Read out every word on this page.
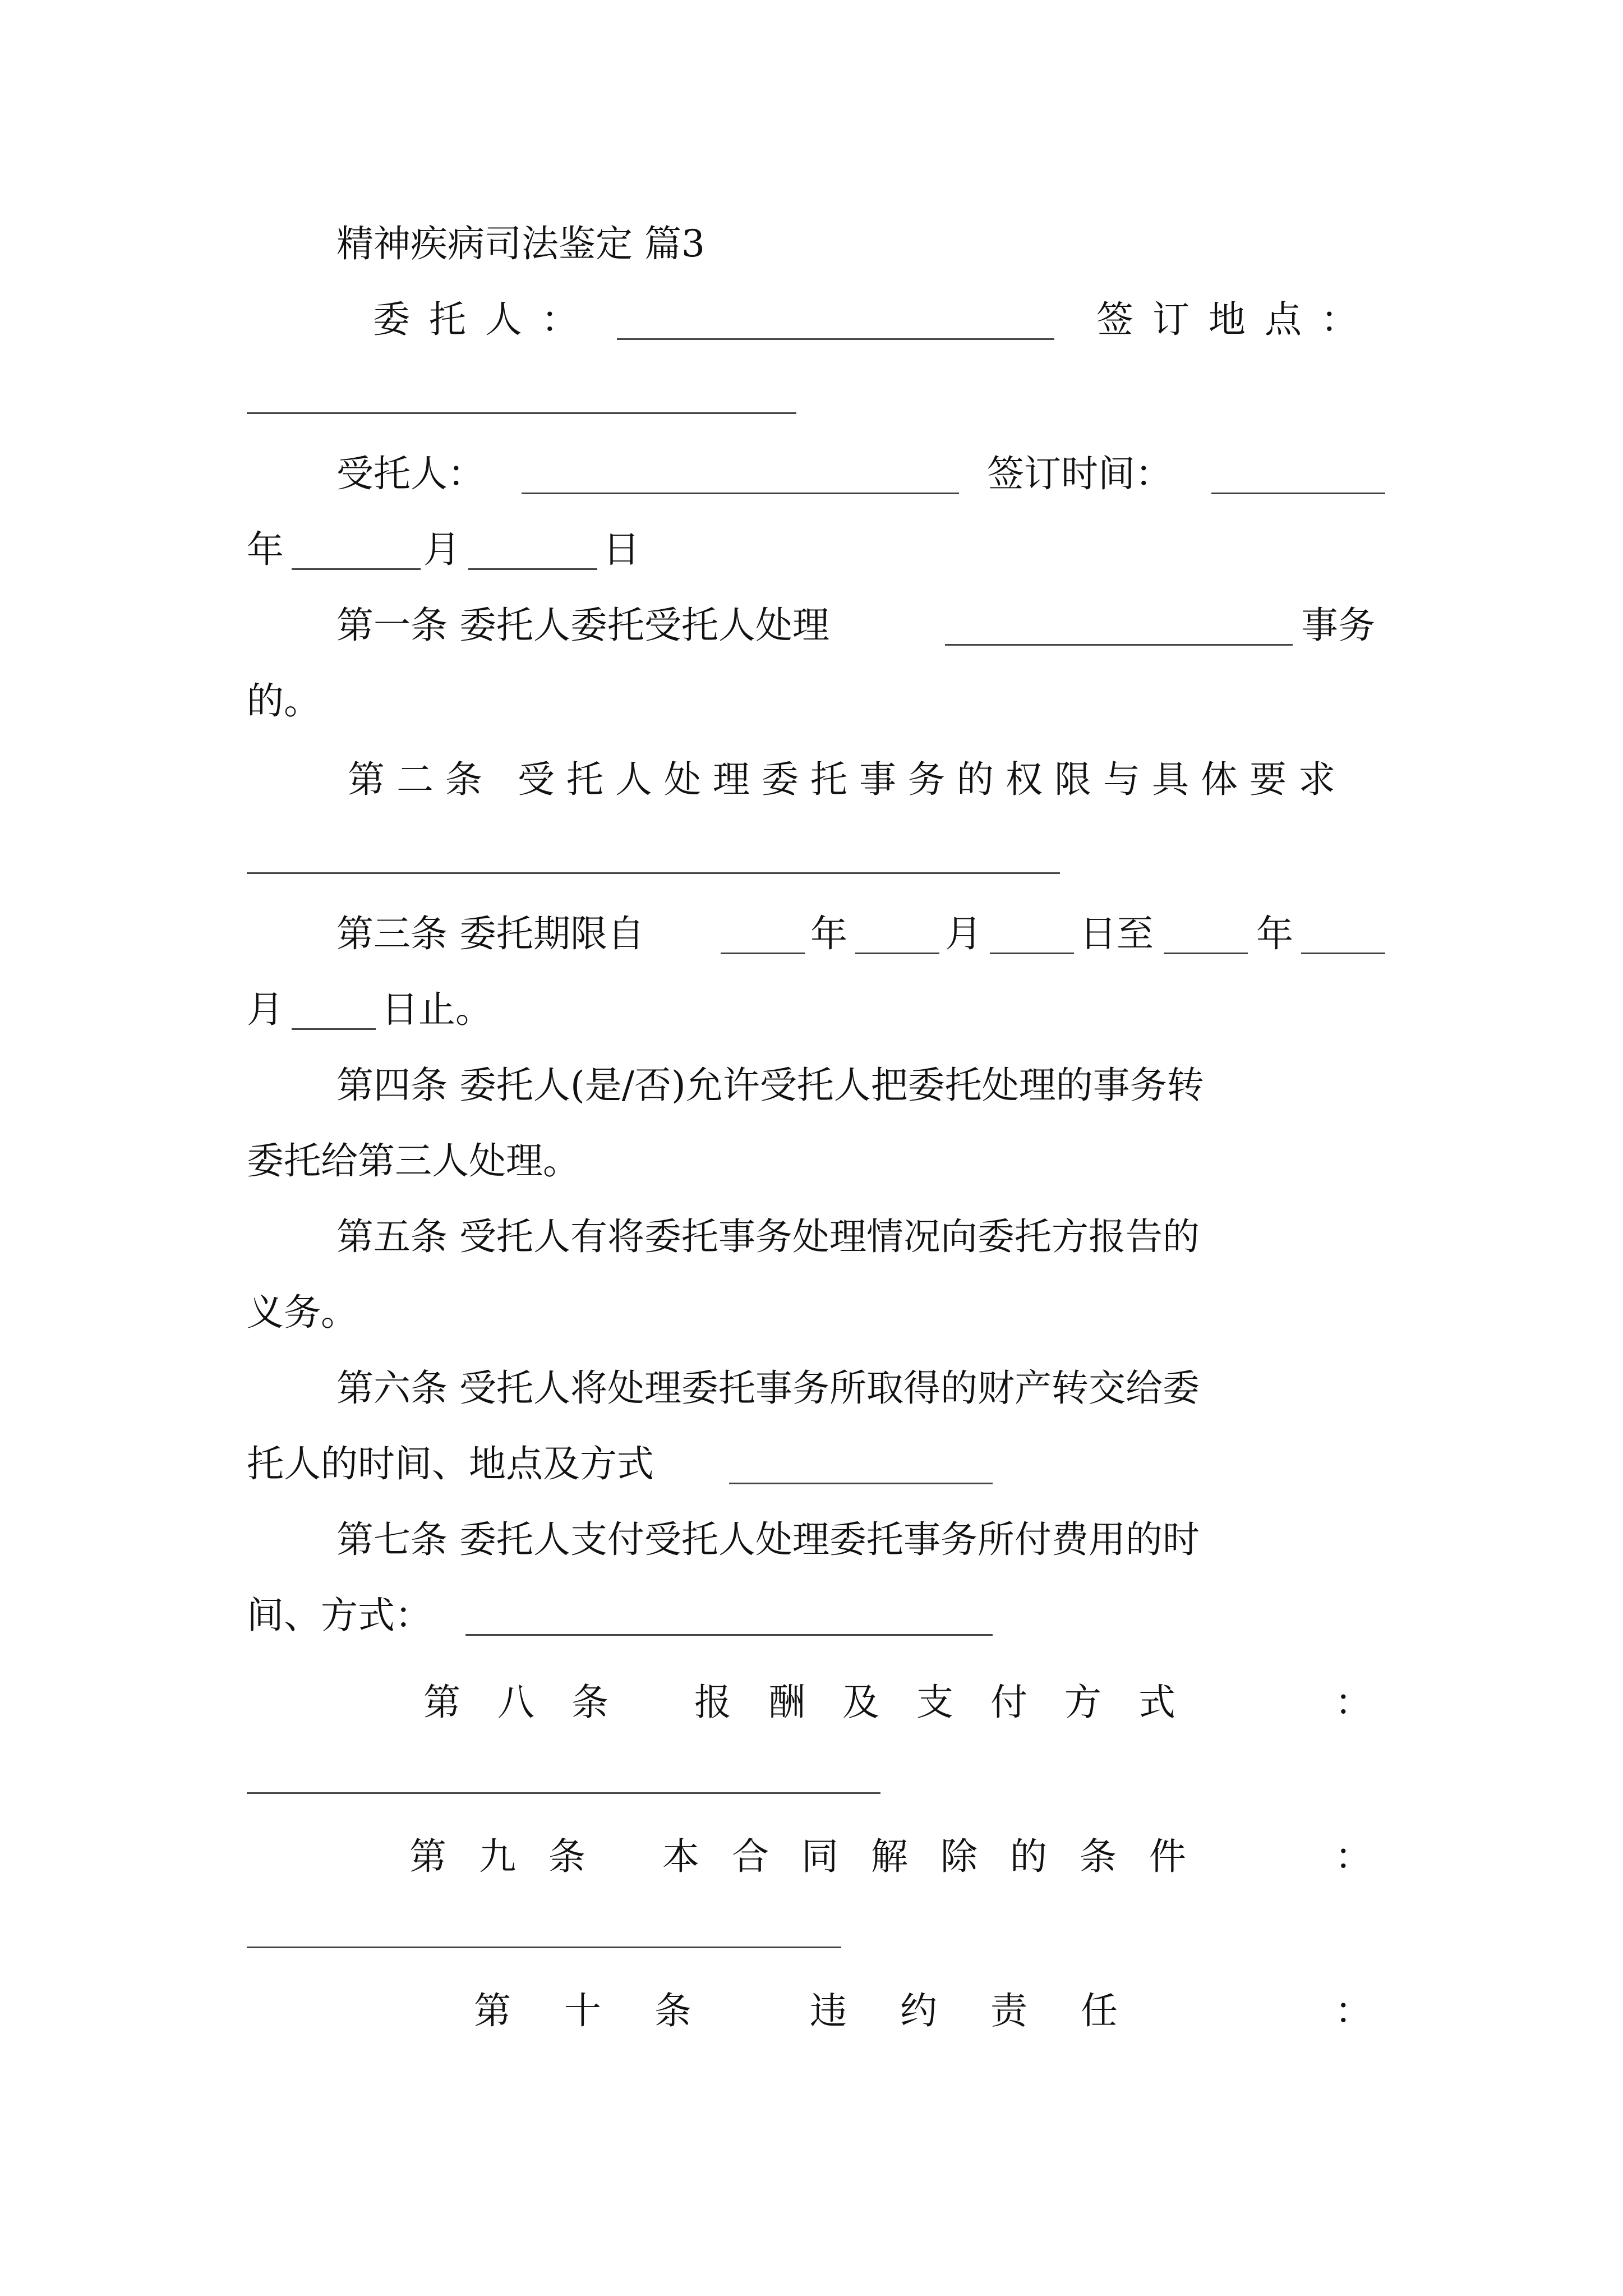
精神疾病司法鉴定 篇3
委托人：	签订地点：
受托人：	签订时间：
年	月	日
第一条 委托人委托受托人处理	事务
的。
第二条 受托人处理委托事务的权限与具体要求
第三条 委托期限自	年	月	日至	年
月	日止。
第四条 委托人(是/否)允许受托人把委托处理的事务转
委托给第三人处理。
第五条 受托人有将委托事务处理情况向委托方报告的
义务。
第六条 受托人将处理委托事务所取得的财产转交给委
托人的时间、地点及方式
第七条 委托人支付受托人处理委托事务所付费用的时
间、方式：
第八条 报酬及支付方式	：
第九条 本合同解除的条件	：
第十条 违约责任	：
